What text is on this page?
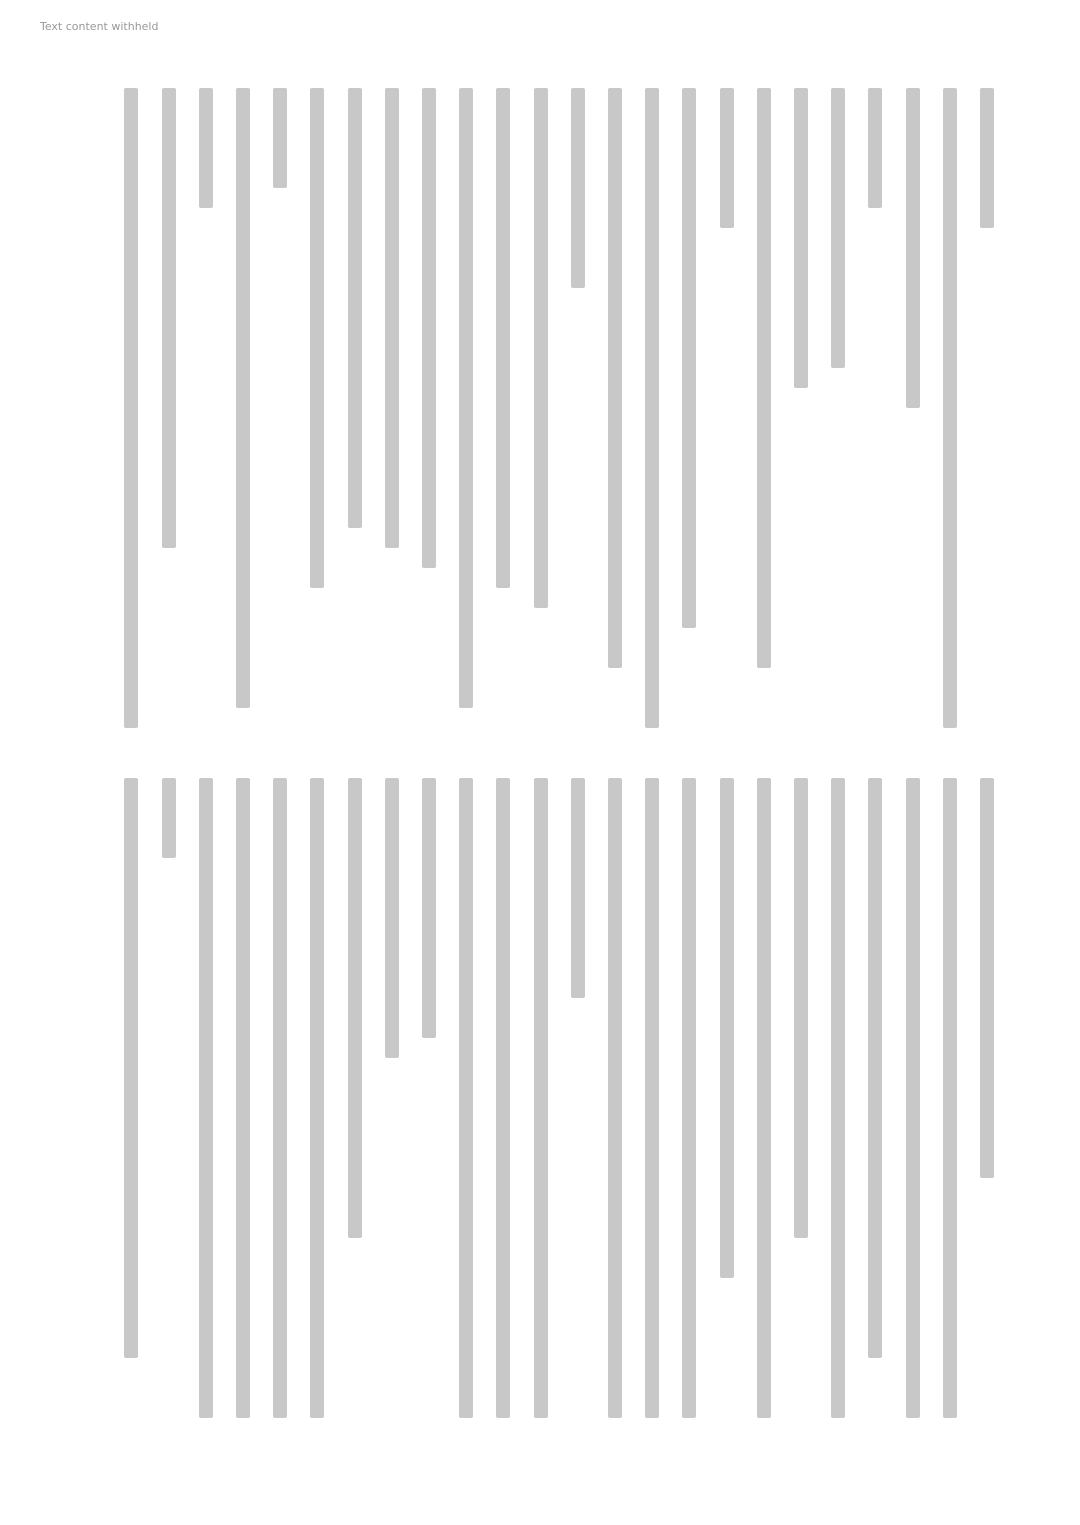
Text content withheld
